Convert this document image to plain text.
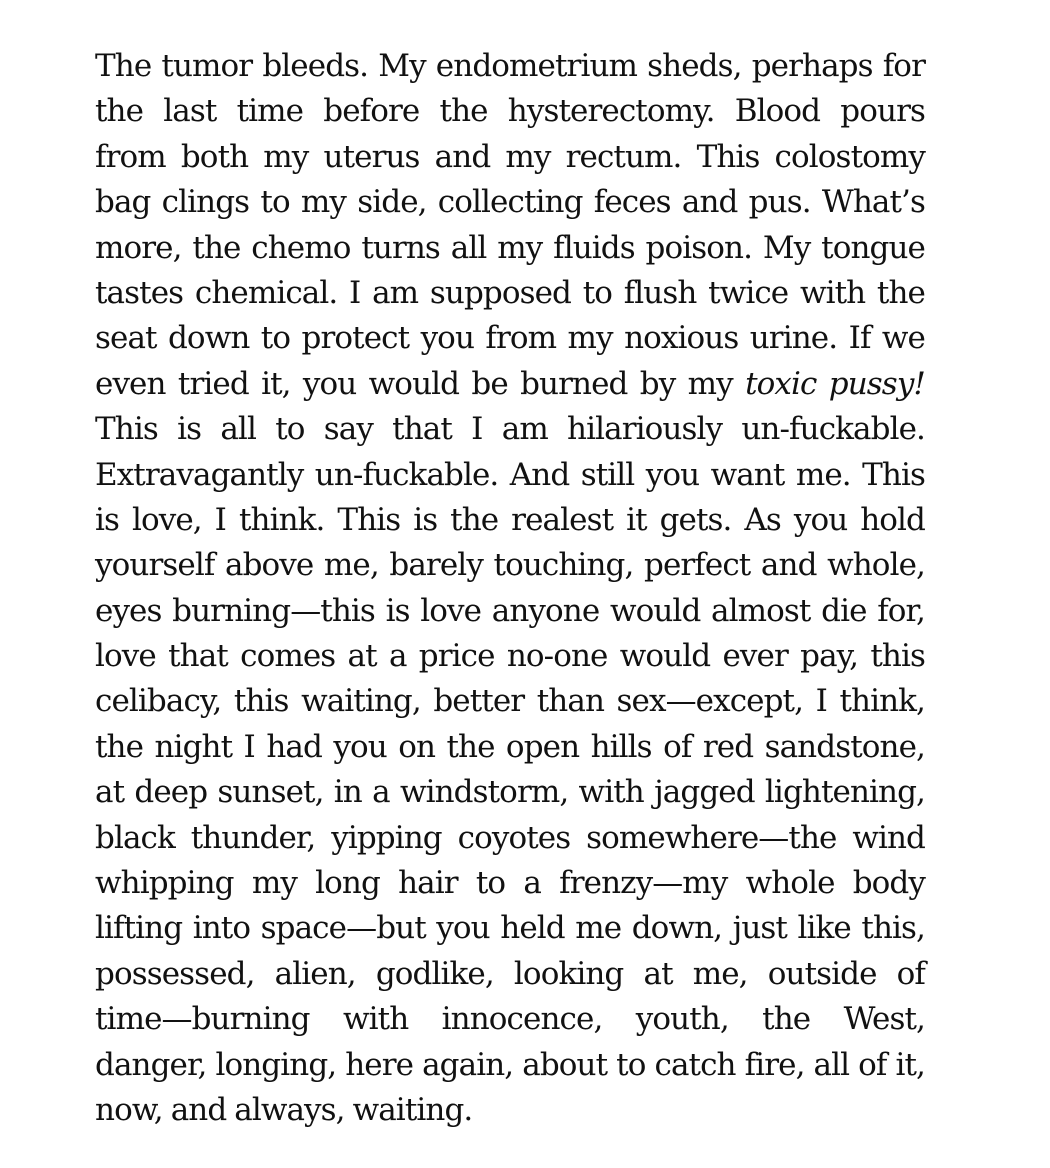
The tumor bleeds. My endometrium sheds, perhaps for
the last time before the hysterectomy. Blood pours
from both my uterus and my rectum. This colostomy
bag clings to my side, collecting feces and pus. What’s
more, the chemo turns all my fluids poison. My tongue
tastes chemical. I am supposed to flush twice with the
seat down to protect you from my noxious urine. If we
even tried it, you would be burned by my toxic pussy!
This is all to say that I am hilariously un-fuckable.
Extravagantly un-fuckable. And still you want me. This
is love, I think. This is the realest it gets. As you hold
yourself above me, barely touching, perfect and whole,
eyes burning—this is love anyone would almost die for,
love that comes at a price no-one would ever pay, this
celibacy, this waiting, better than sex—except, I think,
the night I had you on the open hills of red sandstone,
at deep sunset, in a windstorm, with jagged lightening,
black thunder, yipping coyotes somewhere—the wind
whipping my long hair to a frenzy—my whole body
lifting into space—but you held me down, just like this,
possessed, alien, godlike, looking at me, outside of
time—burning with innocence, youth, the West,
danger, longing, here again, about to catch fire, all of it,
now, and always, waiting.
